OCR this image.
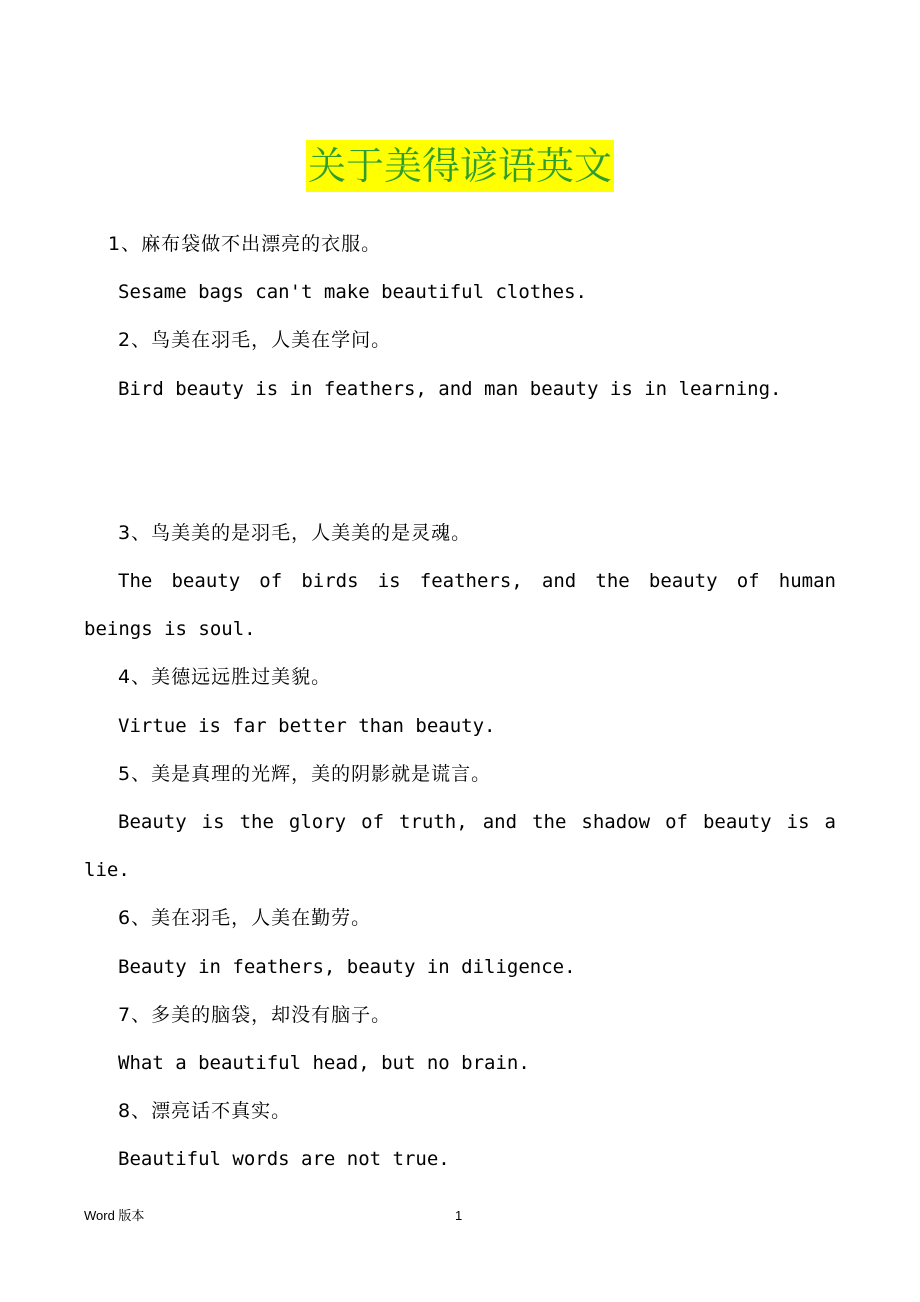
关于美得谚语英文

1、麻布袋做不出漂亮的衣服。

Sesame bags can't make beautiful clothes.

2、鸟美在羽毛，人美在学问。

Bird beauty is in feathers, and man beauty is in learning.

3、鸟美美的是羽毛，人美美的是灵魂。

The beauty of birds is feathers, and the beauty of human beings is soul.

4、美德远远胜过美貌。

Virtue is far better than beauty.

5、美是真理的光辉，美的阴影就是谎言。

Beauty is the glory of truth, and the shadow of beauty is a lie.

6、美在羽毛，人美在勤劳。

Beauty in feathers, beauty in diligence.

7、多美的脑袋，却没有脑子。

What a beautiful head, but no brain.

8、漂亮话不真实。

Beautiful words are not true.

Word 版本	1
